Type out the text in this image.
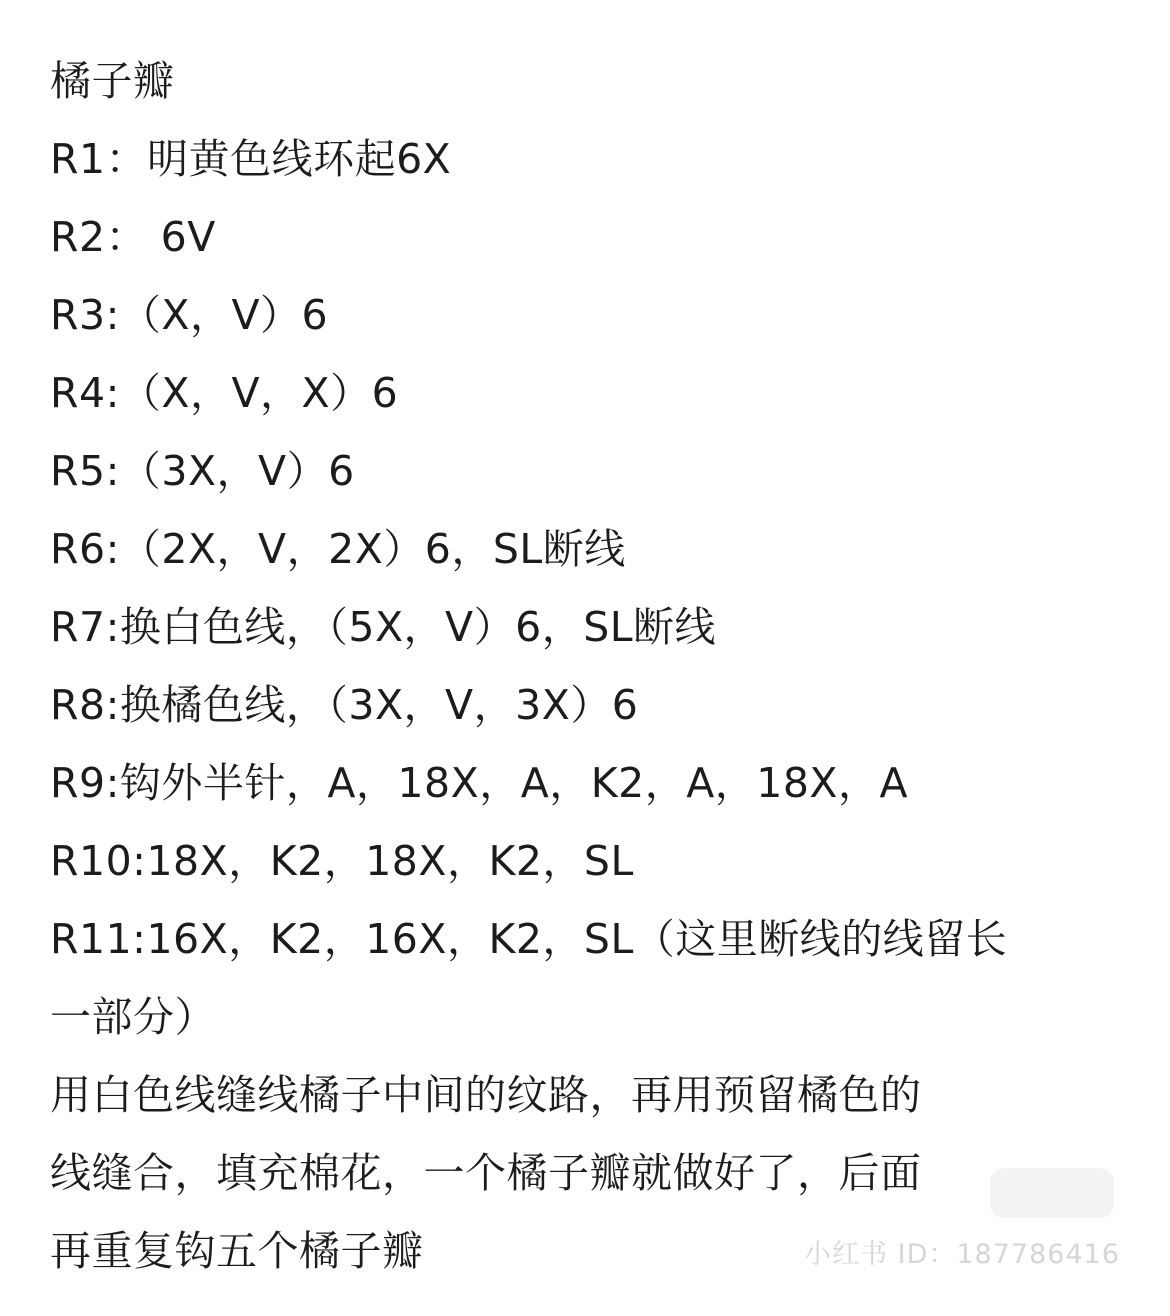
橘子瓣
R1：明黄色线环起6X
R2： 6V
R3:（X，V）6
R4:（X，V，X）6
R5:（3X，V）6
R6:（2X，V，2X）6，SL断线
R7:换白色线，（5X，V）6，SL断线
R8:换橘色线，（3X，V，3X）6
R9:钩外半针，A，18X，A，K2，A，18X，A
R10:18X，K2，18X，K2，SL
R11:16X，K2，16X，K2，SL（这里断线的线留长
一部分）
用白色线缝线橘子中间的纹路，再用预留橘色的
线缝合，填充棉花，一个橘子瓣就做好了，后面
再重复钩五个橘子瓣	小红书 ID：187786416
